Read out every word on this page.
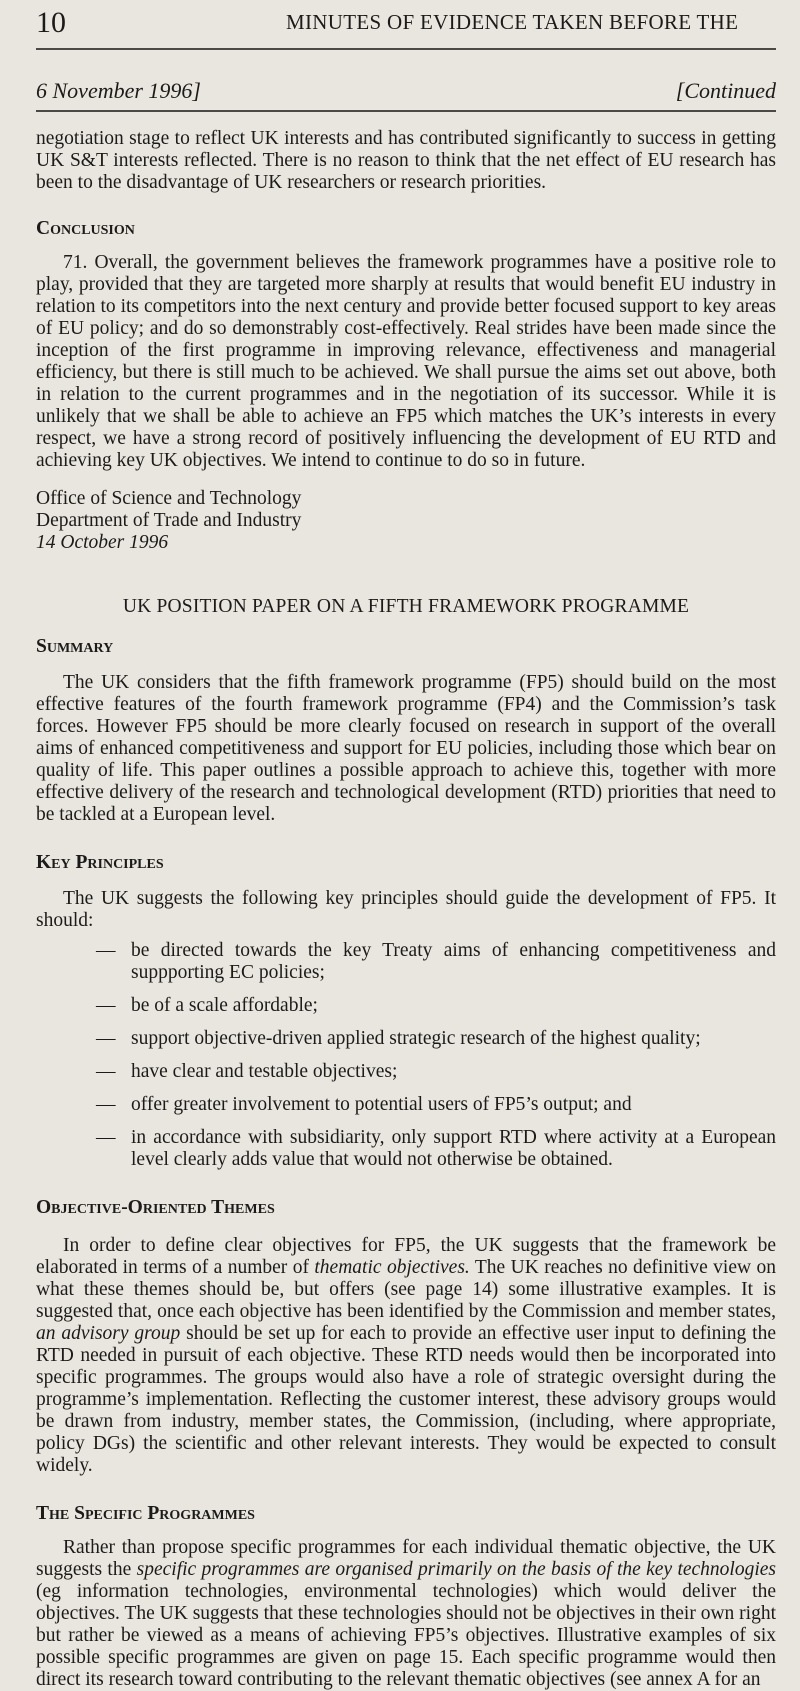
10	MINUTES OF EVIDENCE TAKEN BEFORE THE
6 November 1996]	[Continued

negotiation stage to reflect UK interests and has contributed significantly to success in getting UK S&T interests reflected. There is no reason to think that the net effect of EU research has been to the disadvantage of UK researchers or research priorities.

Conclusion

71. Overall, the government believes the framework programmes have a positive role to play, provided that they are targeted more sharply at results that would benefit EU industry in relation to its competitors into the next century and provide better focused support to key areas of EU policy; and do so demonstrably cost-effectively. Real strides have been made since the inception of the first programme in improving relevance, effectiveness and managerial efficiency, but there is still much to be achieved. We shall pursue the aims set out above, both in relation to the current programmes and in the negotiation of its successor. While it is unlikely that we shall be able to achieve an FP5 which matches the UK’s interests in every respect, we have a strong record of positively influencing the development of EU RTD and achieving key UK objectives. We intend to continue to do so in future.

Office of Science and Technology
Department of Trade and Industry
14 October 1996

UK POSITION PAPER ON A FIFTH FRAMEWORK PROGRAMME

Summary

The UK considers that the fifth framework programme (FP5) should build on the most effective features of the fourth framework programme (FP4) and the Commission’s task forces. However FP5 should be more clearly focused on research in support of the overall aims of enhanced competitiveness and support for EU policies, including those which bear on quality of life. This paper outlines a possible approach to achieve this, together with more effective delivery of the research and technological development (RTD) priorities that need to be tackled at a European level.

Key Principles

The UK suggests the following key principles should guide the development of FP5. It should:

— be directed towards the key Treaty aims of enhancing competitiveness and suppporting EC policies;
— be of a scale affordable;
— support objective-driven applied strategic research of the highest quality;
— have clear and testable objectives;
— offer greater involvement to potential users of FP5’s output; and
— in accordance with subsidiarity, only support RTD where activity at a European level clearly adds value that would not otherwise be obtained.
Objective-Oriented Themes

In order to define clear objectives for FP5, the UK suggests that the framework be elaborated in terms of a number of thematic objectives. The UK reaches no definitive view on what these themes should be, but offers (see page 14) some illustrative examples. It is suggested that, once each objective has been identified by the Commission and member states, an advisory group should be set up for each to provide an effective user input to defining the RTD needed in pursuit of each objective. These RTD needs would then be incorporated into specific programmes. The groups would also have a role of strategic oversight during the programme’s implementation. Reflecting the customer interest, these advisory groups would be drawn from industry, member states, the Commission, (including, where appropriate, policy DGs) the scientific and other relevant interests. They would be expected to consult widely.

The Specific Programmes

Rather than propose specific programmes for each individual thematic objective, the UK suggests the specific programmes are organised primarily on the basis of the key technologies (eg information technologies, environmental technologies) which would deliver the objectives. The UK suggests that these technologies should not be objectives in their own right but rather be viewed as a means of achieving FP5’s objectives. Illustrative examples of six possible specific programmes are given on page 15. Each specific programme would then direct its research toward contributing to the relevant thematic objectives (see annex A for an
